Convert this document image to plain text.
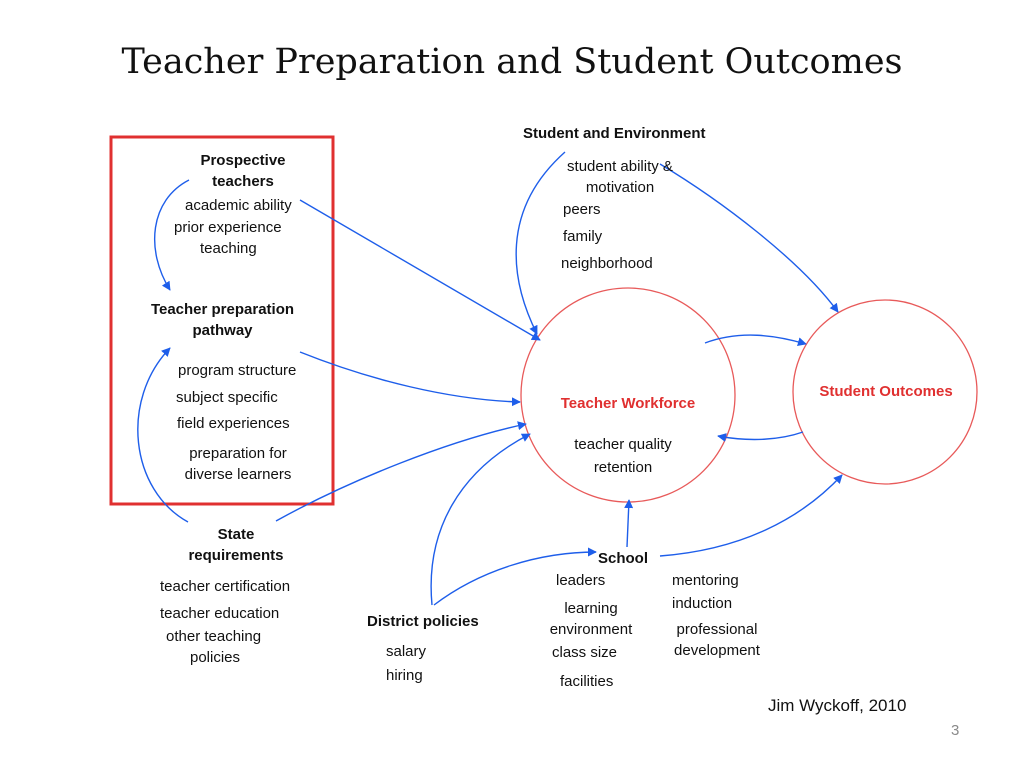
Teacher Preparation and Student Outcomes
Prospective
teachers
academic ability
prior experience
teaching
Teacher preparation
pathway
program structure
subject specific
field experiences
preparation for
diverse learners
State
requirements
teacher certification
teacher education
other teaching
policies
Student and Environment
student ability &
motivation
peers
family
neighborhood
Teacher Workforce
teacher quality
retention
Student Outcomes
School
leaders
learning
environment
class size
facilities
mentoring
induction
professional
development
District policies
salary
hiring
Jim Wyckoff, 2010
3
